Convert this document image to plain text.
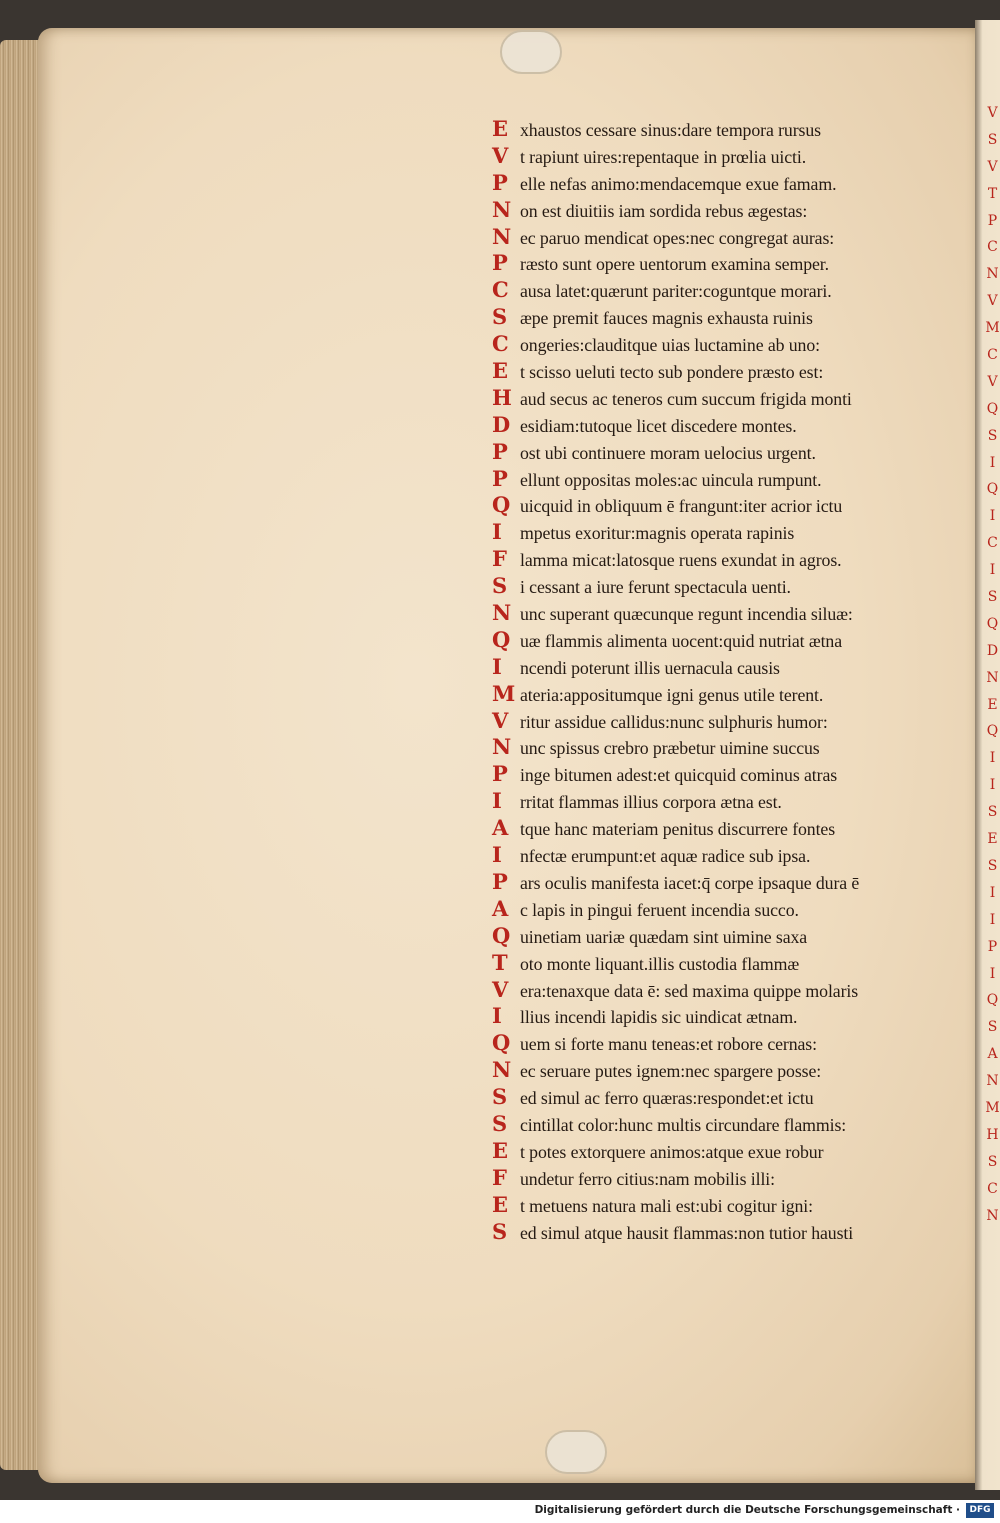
E xhaustos cessare sinus:dare tempora rursus
V t rapiunt uires:repentaque in prœlia uicti.
P elle nefas animo:mendacemque exue famam.
N on est diuitiis iam sordida rebus ægestas:
N ec paruo mendicat opes:nec congregat auras:
P ræsto sunt opere uentorum examina semper.
C ausa latet:quærunt pariter:coguntque morari.
S æpe premit fauces magnis exhausta ruinis
C ongeries:clauditque uias luctamine ab uno:
E t scisso ueluti tecto sub pondere præsto est:
H aud secus ac teneros cum succum frigida monti
D esidiam:tutoque licet discedere montes.
P ost ubi continuere moram uelocius urgent.
P ellunt oppositas moles:ac uincula rumpunt.
Q uicquid in obliquum ē frangunt:iter acrior ictu
I	mpetus exoritur:magnis operata rapinis
F lamma micat:latosque ruens exundat in agros.
S i cessant a iure ferunt spectacula uenti.
N unc superant quæcunque regunt incendia siluæ:
Q uæ flammis alimenta uocent:quid nutriat ætna
I	ncendi poterunt illis uernacula causis
M ateria:appositumque igni genus utile terent.
V ritur assidue callidus:nunc sulphuris humor:
N unc spissus crebro præbetur uimine succus
P inge bitumen adest:et quicquid cominus atras
I	rritat flammas illius corpora ætna est.
A tque hanc materiam penitus discurrere fontes
I	nfectæ erumpunt:et aquæ radice sub ipsa.
P ars oculis manifesta iacet:q̄ corpe ipsaque dura ē
A c lapis in pingui feruent incendia succo.
Q uinetiam uariæ quædam sint uimine saxa
T oto monte liquant.illis custodia flammæ
V era:tenaxque data ē: sed maxima quippe molaris
I	llius incendi lapidis sic uindicat ætnam.
Q uem si forte manu teneas:et robore cernas:
N ec seruare putes ignem:nec spargere posse:
S ed simul ac ferro quæras:respondet:et ictu
S cintillat color:hunc multis circundare flammis:
E t potes extorquere animos:atque exue robur
F undetur ferro citius:nam mobilis illi:
E t metuens natura mali est:ubi cogitur igni:
S ed simul atque hausit flammas:non tutior hausti
V
S
V
T
P
C
N
V
M
C
V
Q
S
I
Q
I
C
I
S
Q
D
N
E
Q
I
I
S
E
S
I
I
P
I
Q
S
A
N
M
H
S
C
N
Digitalisierung gefördert durch die Deutsche Forschungsgemeinschaft ·	DFG
